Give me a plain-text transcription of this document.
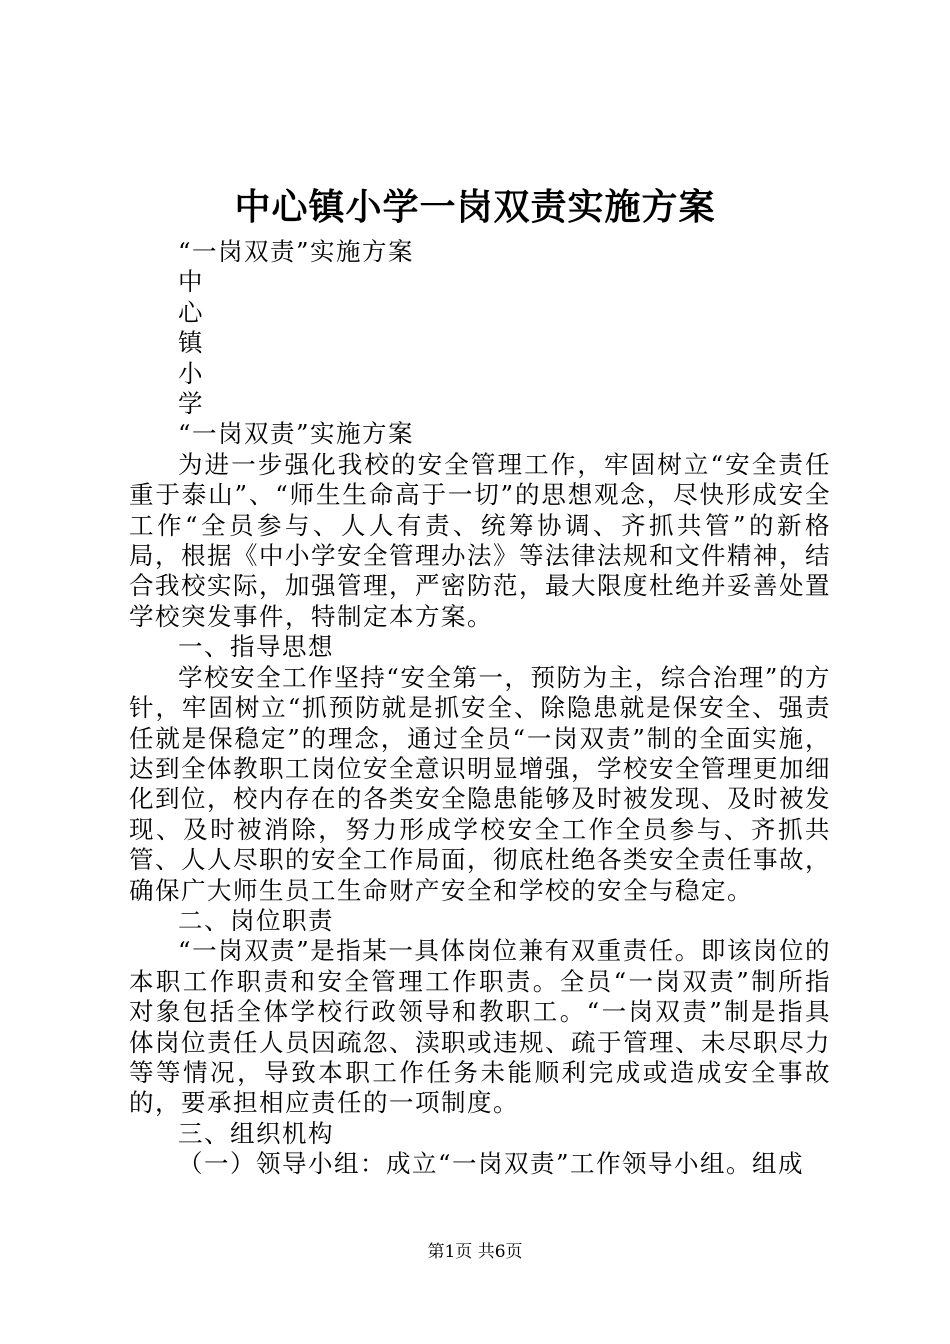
中心镇小学一岗双责实施方案

“一岗双责”实施方案

中
心
镇
小
学

“一岗双责”实施方案

为进一步强化我校的安全管理工作，牢固树立“安全责任重于泰山”、“师生生命高于一切”的思想观念，尽快形成安全工作“全员参与、人人有责、统筹协调、齐抓共管”的新格局，根据《中小学安全管理办法》等法律法规和文件精神，结合我校实际，加强管理，严密防范，最大限度杜绝并妥善处置学校突发事件，特制定本方案。

一、指导思想

学校安全工作坚持“安全第一，预防为主，综合治理”的方针，牢固树立“抓预防就是抓安全、除隐患就是保安全、强责任就是保稳定”的理念，通过全员“一岗双责”制的全面实施，达到全体教职工岗位安全意识明显增强，学校安全管理更加细化到位，校内存在的各类安全隐患能够及时被发现、及时被发现、及时被消除，努力形成学校安全工作全员参与、齐抓共管、人人尽职的安全工作局面，彻底杜绝各类安全责任事故，确保广大师生员工生命财产安全和学校的安全与稳定。

二、岗位职责

“一岗双责”是指某一具体岗位兼有双重责任。即该岗位的本职工作职责和安全管理工作职责。全员“一岗双责”制所指对象包括全体学校行政领导和教职工。“一岗双责”制是指具体岗位责任人员因疏忽、渎职或违规、疏于管理、未尽职尽力等等情况，导致本职工作任务未能顺利完成或造成安全事故的，要承担相应责任的一项制度。

三、组织机构

（一）领导小组：成立“一岗双责”工作领导小组。组成

第1页 共6页
